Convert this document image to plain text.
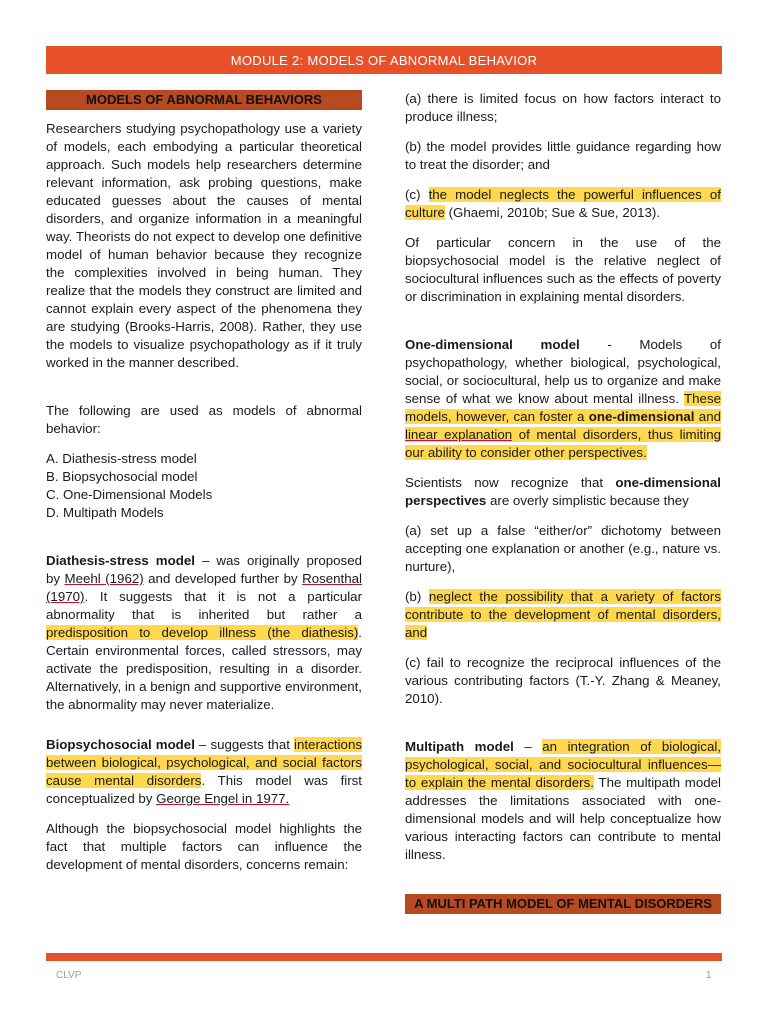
MODULE 2: MODELS OF ABNORMAL BEHAVIOR
MODELS OF ABNORMAL BEHAVIORS

Researchers studying psychopathology use a variety of models, each embodying a particular theoretical approach. Such models help researchers determine relevant information, ask probing questions, make educated guesses about the causes of mental disorders, and organize information in a meaningful way. Theorists do not expect to develop one definitive model of human behavior because they recognize the complexities involved in being human. They realize that the models they construct are limited and cannot explain every aspect of the phenomena they are studying (Brooks-Harris, 2008). Rather, they use the models to visualize psychopathology as if it truly worked in the manner described.

The following are used as models of abnormal behavior:

A. Diathesis-stress model
B. Biopsychosocial model
C. One-Dimensional Models
D. Multipath Models

Diathesis-stress model – was originally proposed by Meehl (1962) and developed further by Rosenthal (1970). It suggests that it is not a particular abnormality that is inherited but rather a predisposition to develop illness (the diathesis). Certain environmental forces, called stressors, may activate the predisposition, resulting in a disorder. Alternatively, in a benign and supportive environment, the abnormality may never materialize.

Biopsychosocial model – suggests that interactions between biological, psychological, and social factors cause mental disorders. This model was first conceptualized by George Engel in 1977.

Although the biopsychosocial model highlights the fact that multiple factors can influence the development of mental disorders, concerns remain:

(a) there is limited focus on how factors interact to produce illness;

(b) the model provides little guidance regarding how to treat the disorder; and

(c) the model neglects the powerful influences of culture (Ghaemi, 2010b; Sue & Sue, 2013).

Of particular concern in the use of the biopsychosocial model is the relative neglect of sociocultural influences such as the effects of poverty or discrimination in explaining mental disorders.

One-dimensional model - Models of psychopathology, whether biological, psychological, social, or sociocultural, help us to organize and make sense of what we know about mental illness. These models, however, can foster a one-dimensional and linear explanation of mental disorders, thus limiting our ability to consider other perspectives.

Scientists now recognize that one-dimensional perspectives are overly simplistic because they

(a) set up a false “either/or” dichotomy between accepting one explanation or another (e.g., nature vs. nurture),

(b) neglect the possibility that a variety of factors contribute to the development of mental disorders, and

(c) fail to recognize the reciprocal influences of the various contributing factors (T.-Y. Zhang & Meaney, 2010).

Multipath model – an integration of biological, psychological, social, and sociocultural influences—to explain the mental disorders. The multipath model addresses the limitations associated with one-dimensional models and will help conceptualize how various interacting factors can contribute to mental illness.

A MULTI PATH MODEL OF MENTAL DISORDERS
CLVP	1
